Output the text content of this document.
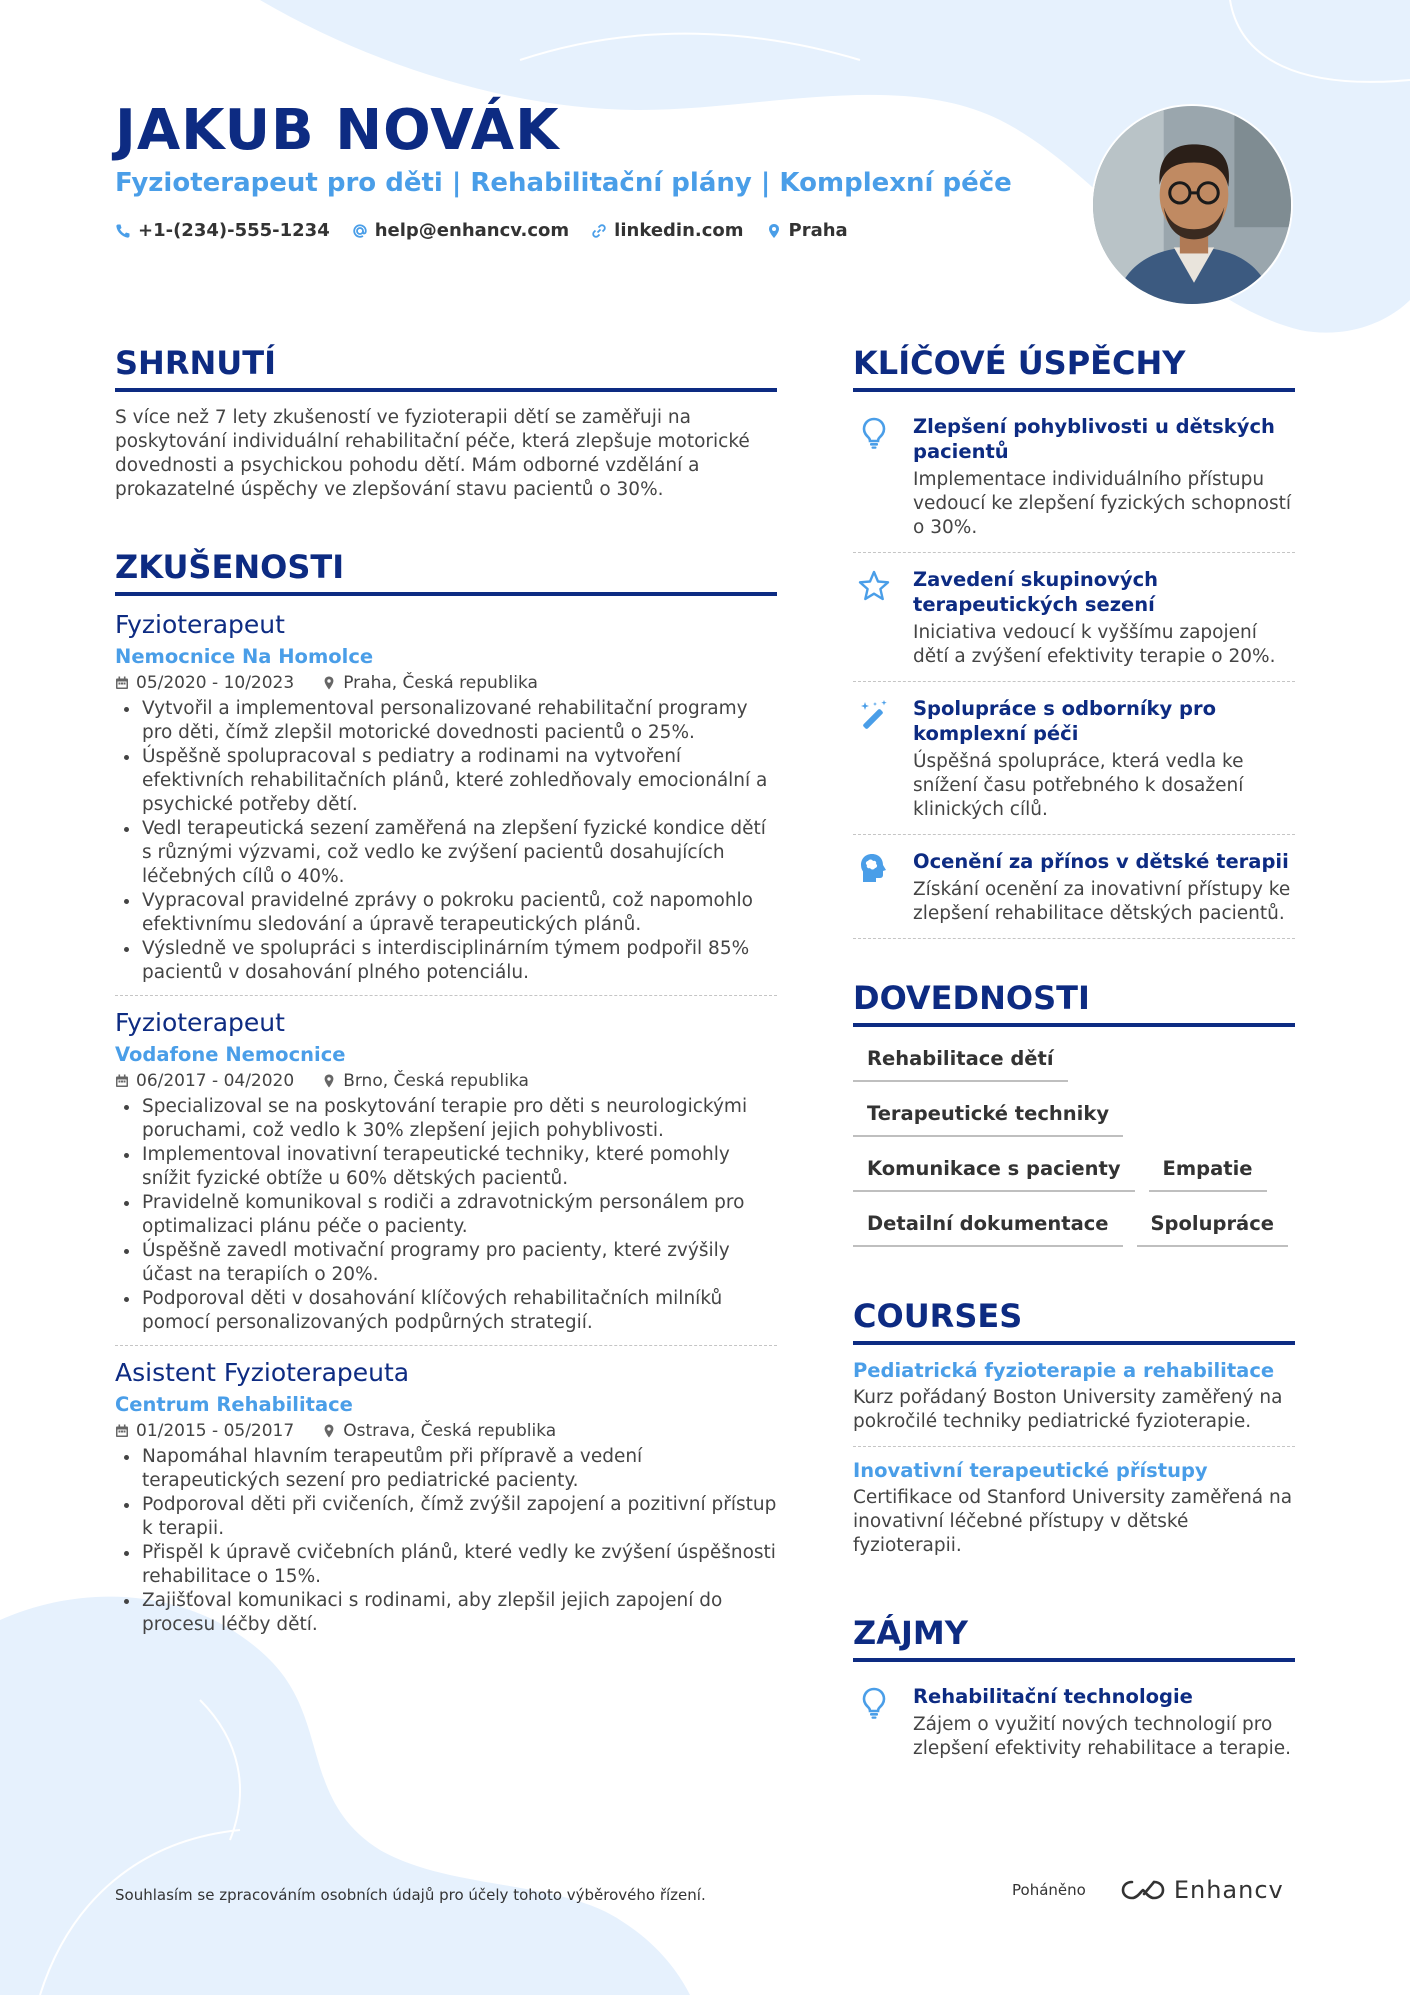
JAKUB NOVÁK
Fyzioterapeut pro děti | Rehabilitační plány | Komplexní péče
+1-(234)-555-1234	help@enhancv.com	linkedin.com	Praha
SHRNUTÍ
S více než 7 lety zkušeností ve fyzioterapii dětí se zaměřuji na poskytování individuální rehabilitační péče, která zlepšuje motorické dovednosti a psychickou pohodu dětí. Mám odborné vzdělání a prokazatelné úspěchy ve zlepšování stavu pacientů o 30%.
ZKUŠENOSTI
Fyzioterapeut
Nemocnice Na Homolce
05/2020 - 10/2023	Praha, Česká republika
Vytvořil a implementoval personalizované rehabilitační programy pro děti, čímž zlepšil motorické dovednosti pacientů o 25%.
Úspěšně spolupracoval s pediatry a rodinami na vytvoření efektivních rehabilitačních plánů, které zohledňovaly emocionální a psychické potřeby dětí.
Vedl terapeutická sezení zaměřená na zlepšení fyzické kondice dětí s různými výzvami, což vedlo ke zvýšení pacientů dosahujících léčebných cílů o 40%.
Vypracoval pravidelné zprávy o pokroku pacientů, což napomohlo efektivnímu sledování a úpravě terapeutických plánů.
Výsledně ve spolupráci s interdisciplinárním týmem podpořil 85% pacientů v dosahování plného potenciálu.
Fyzioterapeut
Vodafone Nemocnice
06/2017 - 04/2020	Brno, Česká republika
Specializoval se na poskytování terapie pro děti s neurologickými poruchami, což vedlo k 30% zlepšení jejich pohyblivosti.
Implementoval inovativní terapeutické techniky, které pomohly snížit fyzické obtíže u 60% dětských pacientů.
Pravidelně komunikoval s rodiči a zdravotnickým personálem pro optimalizaci plánu péče o pacienty.
Úspěšně zavedl motivační programy pro pacienty, které zvýšily účast na terapiích o 20%.
Podporoval děti v dosahování klíčových rehabilitačních milníků pomocí personalizovaných podpůrných strategií.
Asistent Fyzioterapeuta
Centrum Rehabilitace
01/2015 - 05/2017	Ostrava, Česká republika
Napomáhal hlavním terapeutům při přípravě a vedení terapeutických sezení pro pediatrické pacienty.
Podporoval děti při cvičeních, čímž zvýšil zapojení a pozitivní přístup k terapii.
Přispěl k úpravě cvičebních plánů, které vedly ke zvýšení úspěšnosti rehabilitace o 15%.
Zajišťoval komunikaci s rodinami, aby zlepšil jejich zapojení do procesu léčby dětí.
KLÍČOVÉ ÚSPĚCHY
Zlepšení pohyblivosti u dětských pacientů
Implementace individuálního přístupu vedoucí ke zlepšení fyzických schopností o 30%.
Zavedení skupinových terapeutických sezení
Iniciativa vedoucí k vyššímu zapojení dětí a zvýšení efektivity terapie o 20%.
Spolupráce s odborníky pro komplexní péči
Úspěšná spolupráce, která vedla ke snížení času potřebného k dosažení klinických cílů.
Ocenění za přínos v dětské terapii
Získání ocenění za inovativní přístupy ke zlepšení rehabilitace dětských pacientů.
DOVEDNOSTI
Rehabilitace dětí
Terapeutické techniky
Komunikace s pacienty	Empatie
Detailní dokumentace	Spolupráce
COURSES
Pediatrická fyzioterapie a rehabilitace
Kurz pořádaný Boston University zaměřený na pokročilé techniky pediatrické fyzioterapie.
Inovativní terapeutické přístupy
Certifikace od Stanford University zaměřená na inovativní léčebné přístupy v dětské fyzioterapii.
ZÁJMY
Rehabilitační technologie
Zájem o využití nových technologií pro zlepšení efektivity rehabilitace a terapie.
Souhlasím se zpracováním osobních údajů pro účely tohoto výběrového řízení.	Poháněno	Enhancv
